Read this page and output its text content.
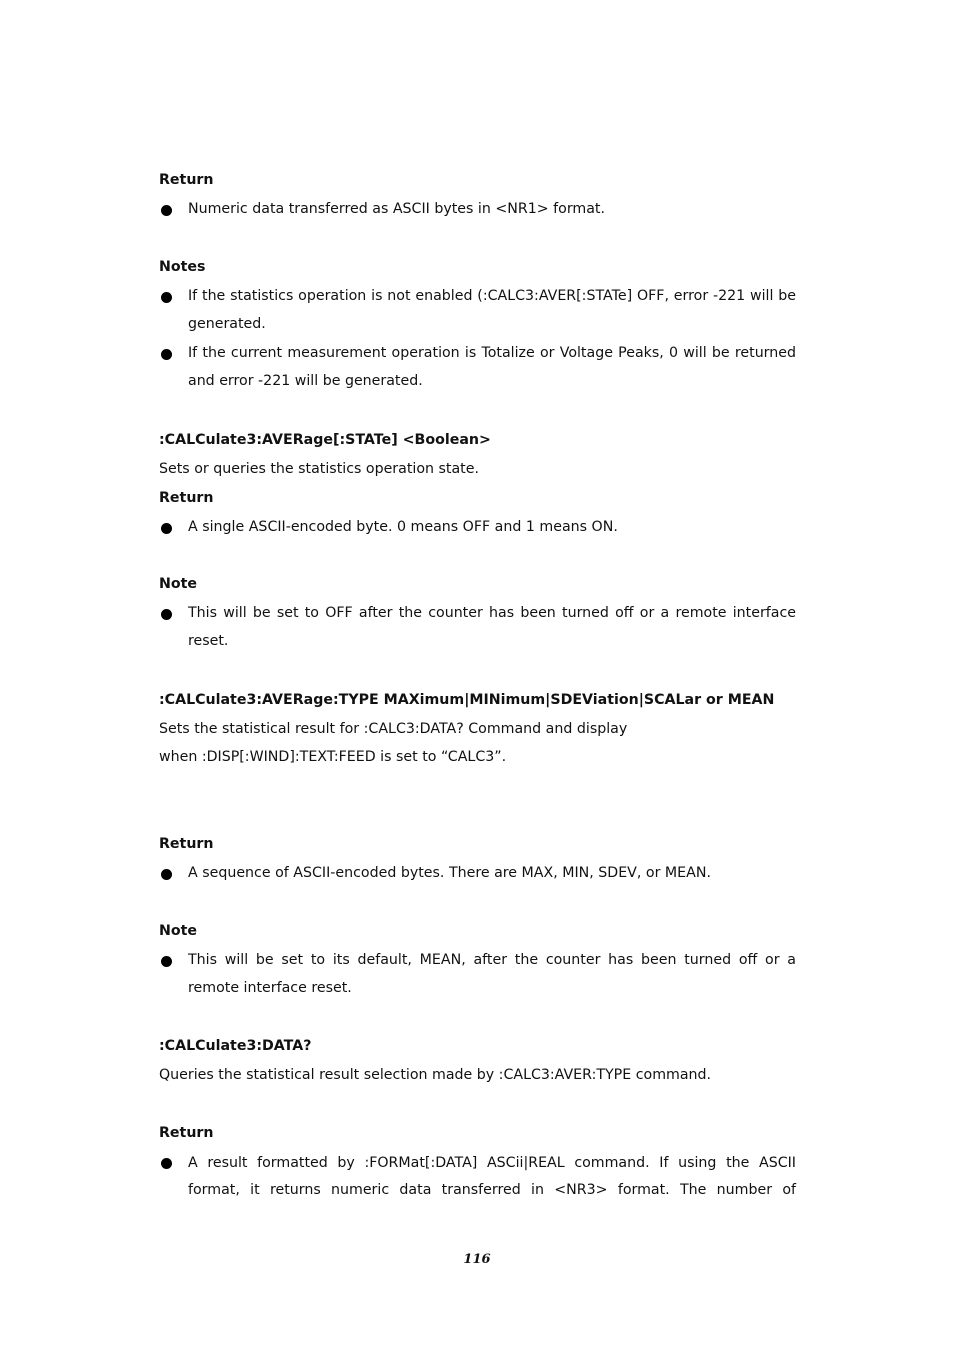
Return
Numeric data transferred as ASCII bytes in <NR1> format.
Notes
If the statistics operation is not enabled (:CALC3:AVER[:STATe] OFF, error -221 will be generated.
If the current measurement operation is Totalize or Voltage Peaks, 0 will be returned and error -221 will be generated.
:CALCulate3:AVERage[:STATe] <Boolean>
Sets or queries the statistics operation state.
Return
A single ASCII-encoded byte. 0 means OFF and 1 means ON.
Note
This will be set to OFF after the counter has been turned off or a remote interface reset.
:CALCulate3:AVERage:TYPE MAXimum|MINimum|SDEViation|SCALar or MEAN
Sets the statistical result for :CALC3:DATA? Command and display
when :DISP[:WIND]:TEXT:FEED is set to “CALC3”.
Return
A sequence of ASCII-encoded bytes. There are MAX, MIN, SDEV, or MEAN.
Note
This will be set to its default, MEAN, after the counter has been turned off or a remote interface reset.
:CALCulate3:DATA?
Queries the statistical result selection made by :CALC3:AVER:TYPE command.
Return
A result formatted by :FORMat[:DATA] ASCii|REAL command. If using the ASCII
format, it returns numeric data transferred in <NR3> format. The number of
116
